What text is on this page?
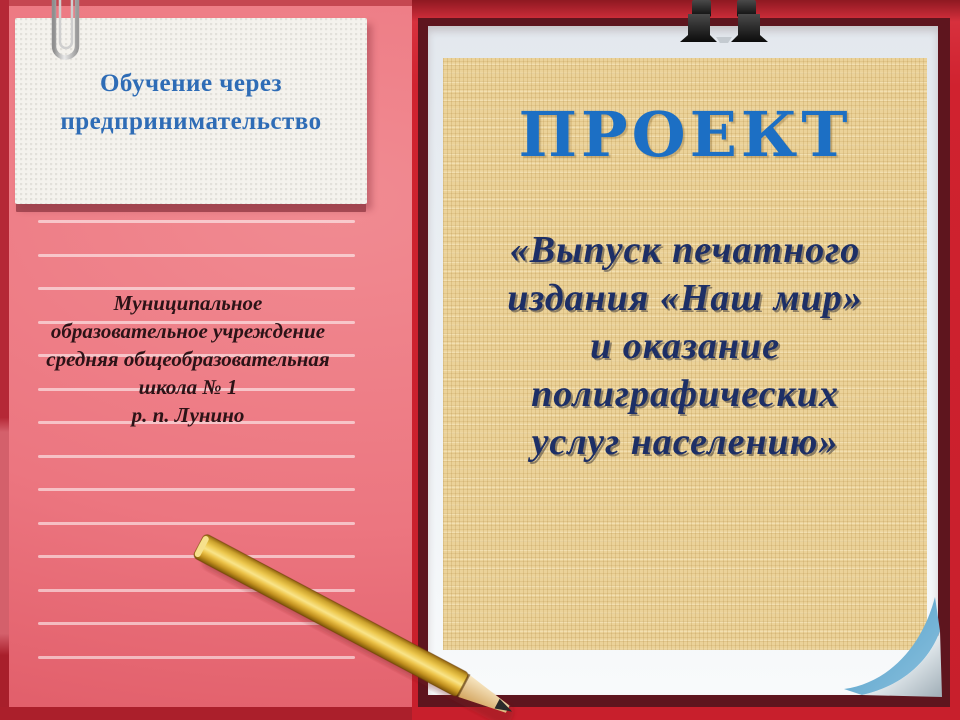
Обучение через
предпринимательство
Муниципальное
образовательное учреждение
средняя общеобразовательная
школа № 1
р. п. Лунино
ПРОЕКТ
«Выпуск печатного
издания «Наш мир»
и оказание
полиграфических
услуг населению»
